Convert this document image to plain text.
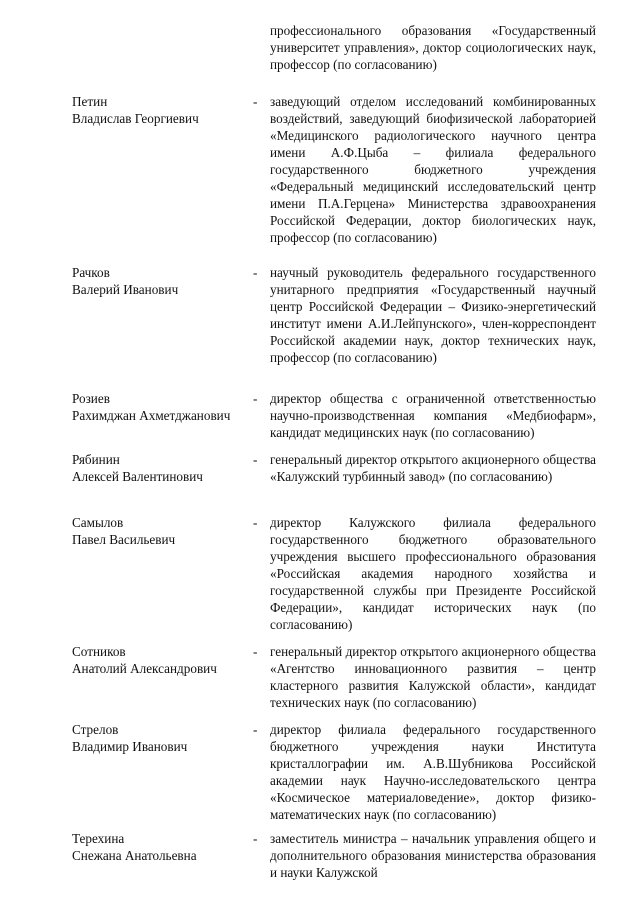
профессионального образования «Государственный университет управления», доктор социологических наук, профессор (по согласованию)
Петин
Владислав Георгиевич
- заведующий отделом исследований комбинированных воздействий, заведующий биофизической лабораторией «Медицинского радиологического научного центра имени А.Ф.Цыба – филиала федерального государственного бюджетного учреждения «Федеральный медицинский исследовательский центр имени П.А.Герцена» Министерства здравоохранения Российской Федерации, доктор биологических наук, профессор (по согласованию)
Рачков
Валерий Иванович
- научный руководитель федерального государственного унитарного предприятия «Государственный научный центр Российской Федерации – Физико-энергетический институт имени А.И.Лейпунского», член-корреспондент Российской академии наук, доктор технических наук, профессор (по согласованию)
Розиев
Рахимджан Ахметджанович
- директор общества с ограниченной ответственностью научно-производственная компания «Медбиофарм», кандидат медицинских наук (по согласованию)
Рябинин
Алексей Валентинович
- генеральный директор открытого акционерного общества «Калужский турбинный завод» (по согласованию)
Самылов
Павел Васильевич
- директор Калужского филиала федерального государственного бюджетного образовательного учреждения высшего профессионального образования «Российская академия народного хозяйства и государственной службы при Президенте Российской Федерации», кандидат исторических наук (по согласованию)
Сотников
Анатолий Александрович
- генеральный директор открытого акционерного общества «Агентство инновационного развития – центр кластерного развития Калужской области», кандидат технических наук (по согласованию)
Стрелов
Владимир Иванович
- директор филиала федерального государственного бюджетного учреждения науки Института кристаллографии им. А.В.Шубникова Российской академии наук Научно-исследовательского центра «Космическое материаловедение», доктор физико-математических наук (по согласованию)
Терехина
Снежана Анатольевна
- заместитель министра – начальник управления общего и дополнительного образования министерства образования и науки Калужской
